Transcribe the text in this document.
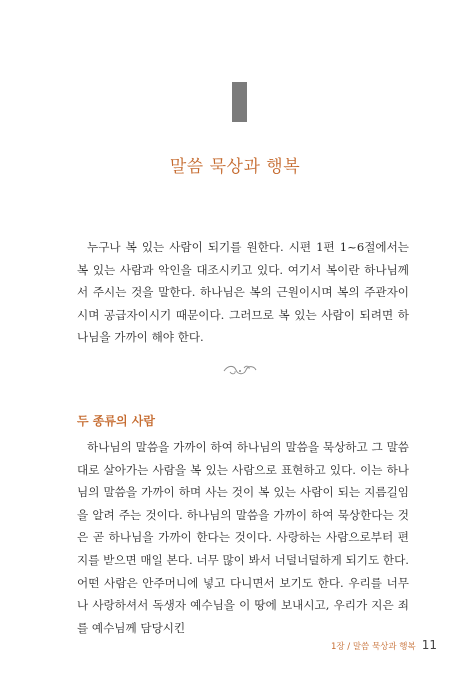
말씀 묵상과 행복

누구나 복 있는 사람이 되기를 원한다. 시편 1편 1~6절에서는 복 있는 사람과 악인을 대조시키고 있다. 여기서 복이란 하나님께서 주시는 것을 말한다. 하나님은 복의 근원이시며 복의 주관자이시며 공급자이시기 때문이다. 그러므로 복 있는 사람이 되려면 하나님을 가까이 해야 한다.

두 종류의 사람

하나님의 말씀을 가까이 하여 하나님의 말씀을 묵상하고 그 말씀대로 살아가는 사람을 복 있는 사람으로 표현하고 있다. 이는 하나님의 말씀을 가까이 하며 사는 것이 복 있는 사람이 되는 지름길임을 알려 주는 것이다. 하나님의 말씀을 가까이 하여 묵상한다는 것은 곧 하나님을 가까이 한다는 것이다. 사랑하는 사람으로부터 편지를 받으면 매일 본다. 너무 많이 봐서 너덜너덜하게 되기도 한다. 어떤 사람은 안주머니에 넣고 다니면서 보기도 한다. 우리를 너무나 사랑하셔서 독생자 예수님을 이 땅에 보내시고, 우리가 지은 죄를 예수님께 담당시킨

1장 / 말씀 묵상과 행복 11
